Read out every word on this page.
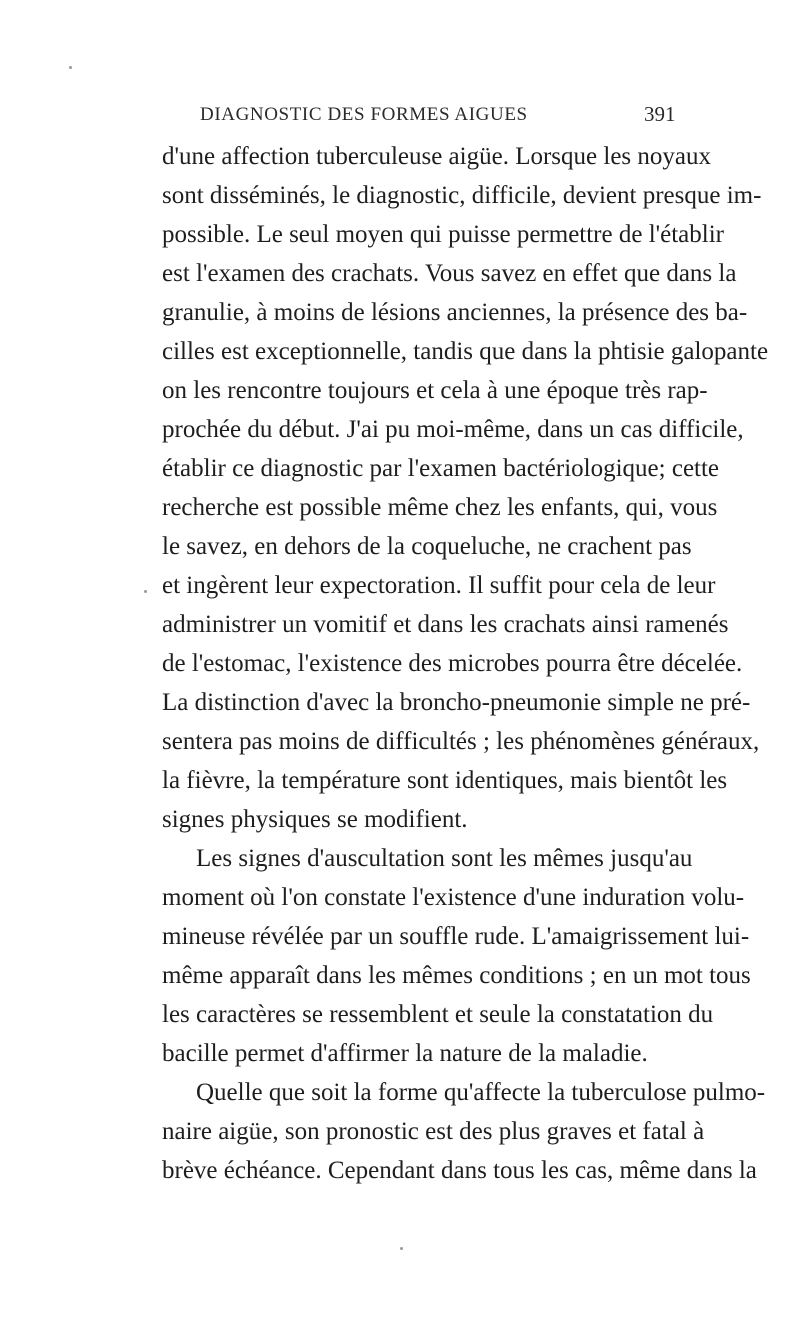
DIAGNOSTIC DES FORMES AIGUES	391
d'une affection tuberculeuse aigüe. Lorsque les noyaux
sont disséminés, le diagnostic, difficile, devient presque im-
possible. Le seul moyen qui puisse permettre de l'établir
est l'examen des crachats. Vous savez en effet que dans la
granulie, à moins de lésions anciennes, la présence des ba-
cilles est exceptionnelle, tandis que dans la phtisie galopante
on les rencontre toujours et cela à une époque très rap-
prochée du début. J'ai pu moi-même, dans un cas difficile,
établir ce diagnostic par l'examen bactériologique; cette
recherche est possible même chez les enfants, qui, vous
le savez, en dehors de la coqueluche, ne crachent pas
et ingèrent leur expectoration. Il suffit pour cela de leur
administrer un vomitif et dans les crachats ainsi ramenés
de l'estomac, l'existence des microbes pourra être décelée.
La distinction d'avec la broncho-pneumonie simple ne pré-
sentera pas moins de difficultés ; les phénomènes généraux,
la fièvre, la température sont identiques, mais bientôt les
signes physiques se modifient.
Les signes d'auscultation sont les mêmes jusqu'au
moment où l'on constate l'existence d'une induration volu-
mineuse révélée par un souffle rude. L'amaigrissement lui-
même apparaît dans les mêmes conditions ; en un mot tous
les caractères se ressemblent et seule la constatation du
bacille permet d'affirmer la nature de la maladie.
Quelle que soit la forme qu'affecte la tuberculose pulmo-
naire aigüe, son pronostic est des plus graves et fatal à
brève échéance. Cependant dans tous les cas, même dans la
